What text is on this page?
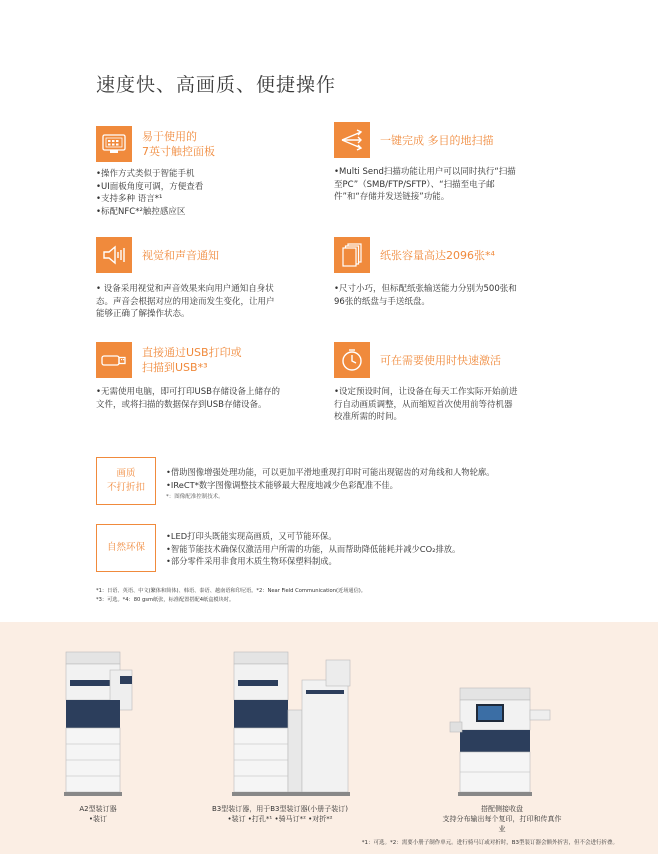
速度快、高画质、便捷操作
易于使用的
7英寸触控面板
•操作方式类似于智能手机
•UI面板角度可调，方便查看
•支持多种 语言*¹
•标配NFC*²触控感应区
一键完成 多目的地扫描
•Multi Send扫描功能让用户可以同时执行“扫描
至PC”（SMB/FTP/SFTP）、“扫描至电子邮
件”和“存储并发送链接”功能。
视觉和声音通知
• 设备采用视觉和声音效果来向用户通知自身状
态。声音会根据对应的用途而发生变化，让用户
能够正确了解操作状态。
纸张容量高达2096张*⁴
•尺寸小巧，但标配纸张输送能力分别为500张和
96张的纸盘与手送纸盘。
直接通过USB打印或
扫描到USB*³
•无需使用电脑，即可打印USB存储设备上储存的
文件，或将扫描的数据保存到USB存储设备。
可在需要使用时快速激活
•设定预设时间，让设备在每天工作实际开始前进
行自动画质调整，从而缩短首次使用前等待机器
校准所需的时间。
画质
不打折扣
•借助图像增强处理功能，可以更加平滑地重现打印时可能出现锯齿的对角线和人物轮廓。
•IReCT*数字图像调整技术能够最大程度地减少色彩配准不佳。
*：图像配准控制技术。
自然环保
•LED打印头既能实现高画质，又可节能环保。
•智能节能技术确保仅激活用户所需的功能，从而帮助降低能耗并减少CO₂排放。
•部分零件采用非食用木质生物环保塑料制成。
*1：日语、英语、中文(繁体和简体)、韩语、泰语、越南语和印尼语。*2：Near Field Communication(近场通信)。
*3：可选。*4：80 gsm纸张，标准配置搭配4纸盒模块时。
A2型装订器
•装订
B3型装订器，用于B3型装订器(小册子装订)
•装订 •打孔*¹ •骑马订*² •对折*²
搭配侧接收盘
支持分布输出每个复印，打印和传真作业
*1：可选。*2：需要小册子制作单元。进行骑马订或对折时，B3型装订器会额外折害，但不会进行折叠。
